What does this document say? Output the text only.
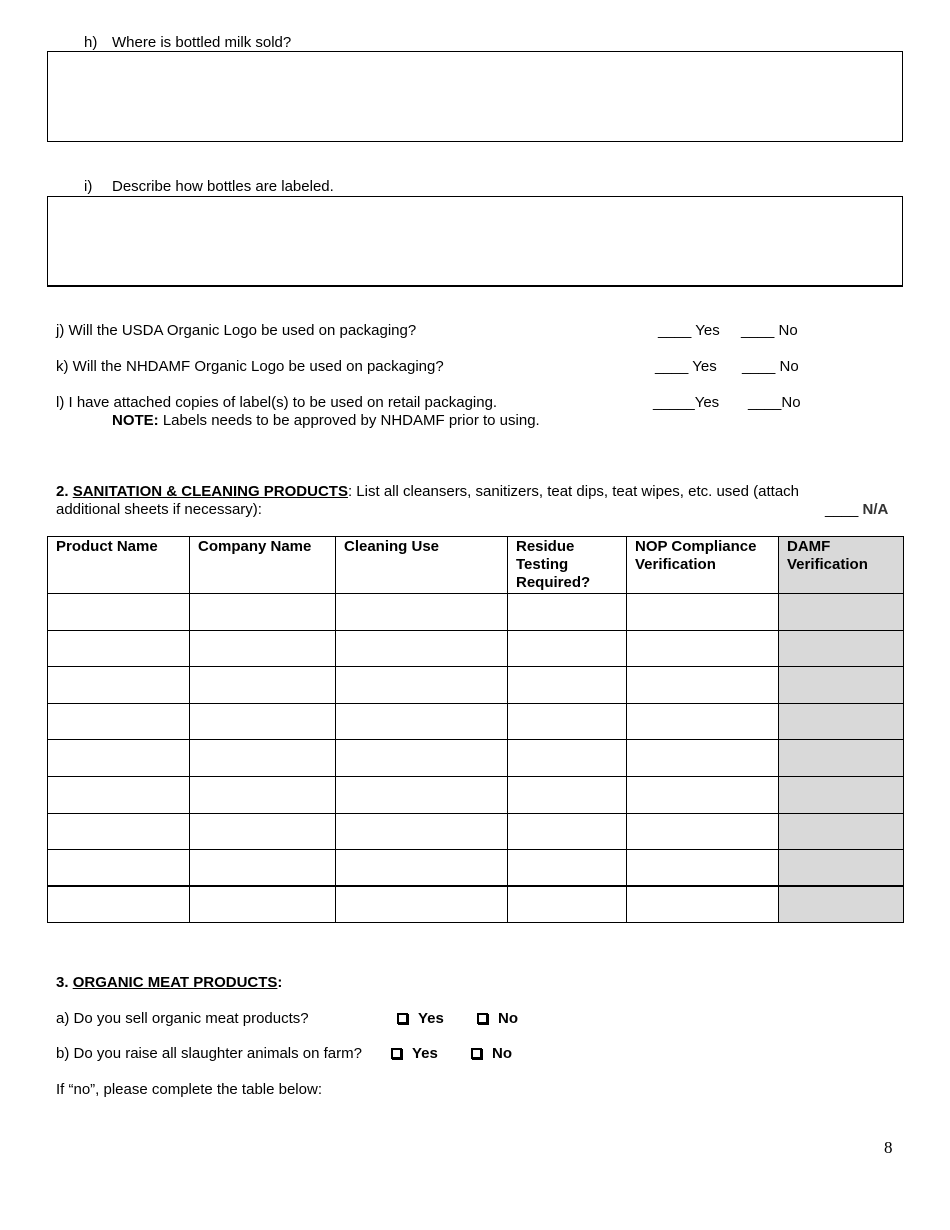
h) Where is bottled milk sold?
i) Describe how bottles are labeled.
j) Will the USDA Organic Logo be used on packaging?	____ Yes ____ No
k) Will the NHDAMF Organic Logo be used on packaging?	____ Yes ____ No
l) I have attached copies of label(s) to be used on retail packaging.	_____Yes ____No
NOTE: Labels needs to be approved by NHDAMF prior to using.
2. SANITATION & CLEANING PRODUCTS: List all cleansers, sanitizers, teat dips, teat wipes, etc. used (attach
additional sheets if necessary):	____ N/A
Product Name	Company Name	Cleaning Use	Residue Testing Required?	NOP Compliance Verification	DAMF Verification

3. ORGANIC MEAT PRODUCTS:
a) Do you sell organic meat products?	Yes	No
b) Do you raise all slaughter animals on farm?	Yes	No
If “no”, please complete the table below:
8
